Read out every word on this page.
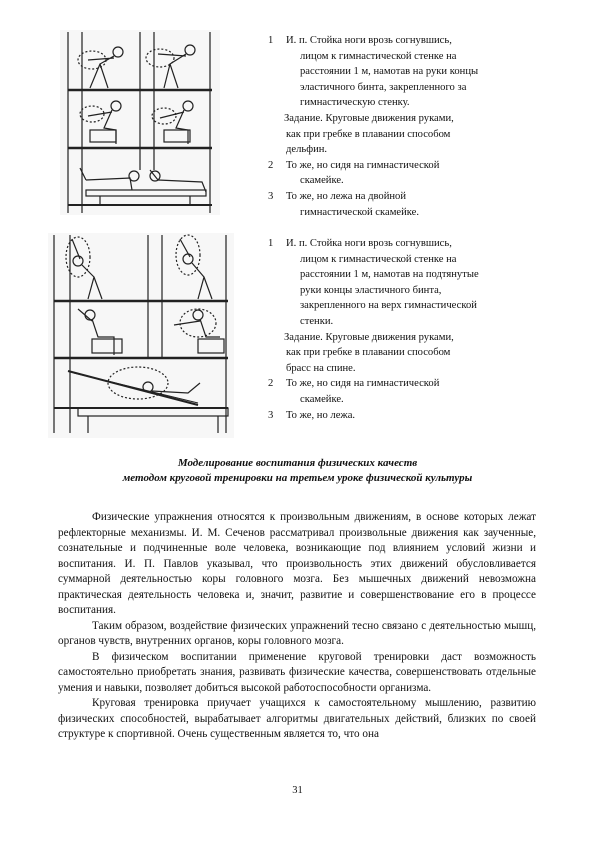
1 И. п. Стойка ноги врозь согнувшись,
лицом к гимнастической стенке на
расстоянии 1 м, намотав на руки концы
эластичного бинта, закрепленного за
гимнастическую стенку.
Задание. Круговые движения руками,
как при гребке в плавании способом
дельфин.
2 То же, но сидя на гимнастической
скамейке.
3 То же, но лежа на двойной
гимнастической скамейке.
1 И. п. Стойка ноги врозь согнувшись,
лицом к гимнастической стенке на
расстоянии 1 м, намотав на подтянутые
руки концы эластичного бинта,
закрепленного на верх гимнастической
стенки.
Задание. Круговые движения руками,
как при гребке в плавании способом
брасс на спине.
2 То же, но сидя на гимнастической
скамейке.
3 То же, но лежа.
Моделирование воспитания физических качеств
методом круговой тренировки на третьем уроке физической культуры

Физические упражнения относятся к произвольным движениям, в основе которых лежат рефлекторные механизмы. И. М. Сеченов рассматривал произвольные движения как заученные, сознательные и подчиненные воле человека, возникающие под влиянием условий жизни и воспитания. И. П. Павлов указывал, что произвольность этих движений обусловливается суммарной деятельностью коры головного мозга. Без мышечных движений невозможна практическая деятельность человека и, значит, развитие и совершенствование его в процессе воспитания.

Таким образом, воздействие физических упражнений тесно связано с деятельностью мышц, органов чувств, внутренних органов, коры головного мозга.

В физическом воспитании применение круговой тренировки даст возможность самостоятельно приобретать знания, развивать физические качества, совершенствовать отдельные умения и навыки, позволяет добиться высокой работоспособности организма.

Круговая тренировка приучает учащихся к самостоятельному мышлению, развитию физических способностей, вырабатывает алгоритмы двигательных действий, близких по своей структуре к спортивной. Очень существенным является то, что она

31
